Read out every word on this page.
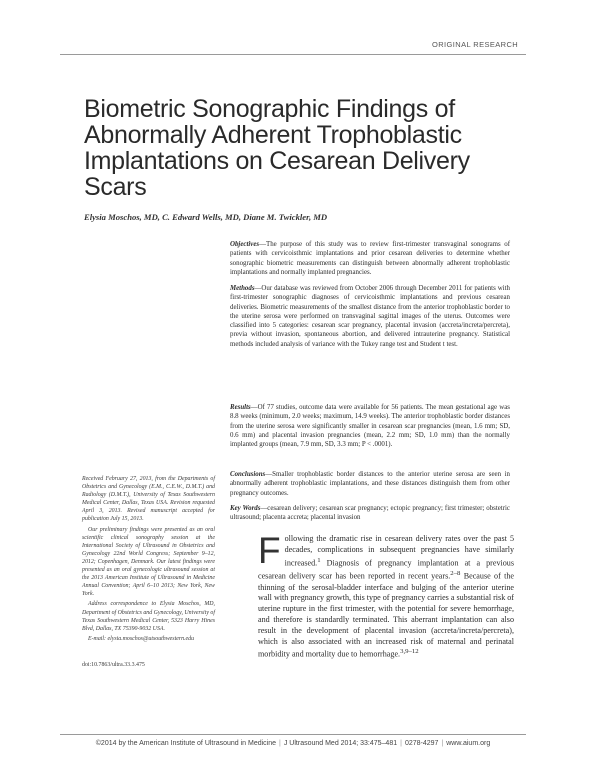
ORIGINAL RESEARCH
Biometric Sonographic Findings of Abnormally Adherent Trophoblastic Implantations on Cesarean Delivery Scars
Elysia Moschos, MD, C. Edward Wells, MD, Diane M. Twickler, MD
Objectives—The purpose of this study was to review first-trimester transvaginal sonograms of patients with cervicoisthmic implantations and prior cesarean deliveries to determine whether sonographic biometric measurements can distinguish between abnormally adherent trophoblastic implantations and normally implanted pregnancies.
Methods—Our database was reviewed from October 2006 through December 2011 for patients with first-trimester sonographic diagnoses of cervicoisthmic implantations and previous cesarean deliveries. Biometric measurements of the smallest distance from the anterior trophoblastic border to the uterine serosa were performed on transvaginal sagittal images of the uterus. Outcomes were classified into 5 categories: cesarean scar pregnancy, placental invasion (accreta/increta/percreta), previa without invasion, spontaneous abortion, and delivered intrauterine pregnancy. Statistical methods included analysis of variance with the Tukey range test and Student t test.
Results—Of 77 studies, outcome data were available for 56 patients. The mean gestational age was 8.8 weeks (minimum, 2.0 weeks; maximum, 14.9 weeks). The anterior trophoblastic border distances from the uterine serosa were significantly smaller in cesarean scar pregnancies (mean, 1.6 mm; SD, 0.6 mm) and placental invasion pregnancies (mean, 2.2 mm; SD, 1.0 mm) than the normally implanted groups (mean, 7.9 mm, SD, 3.3 mm; P < .0001).
Conclusions—Smaller trophoblastic border distances to the anterior uterine serosa are seen in abnormally adherent trophoblastic implantations, and these distances distinguish them from other pregnancy outcomes.
Key Words—cesarean delivery; cesarean scar pregnancy; ectopic pregnancy; first trimester; obstetric ultrasound; placenta accreta; placental invasion

Received February 27, 2013, from the Departments of Obstetrics and Gynecology (E.M., C.E.W., D.M.T.) and Radiology (D.M.T.), University of Texas Southwestern Medical Center, Dallas, Texas USA. Revision requested April 3, 2013. Revised manuscript accepted for publication July 15, 2013.

Our preliminary findings were presented as an oral scientific clinical sonography session at the International Society of Ultrasound in Obstetrics and Gynecology 22nd World Congress; September 9–12, 2012; Copenhagen, Denmark. Our latest findings were presented as an oral gynecologic ultrasound session at the 2013 American Institute of Ultrasound in Medicine Annual Convention; April 6–10 2013; New York, New York.

Address correspondence to Elysia Moschos, MD, Department of Obstetrics and Gynecology, University of Texas Southwestern Medical Center, 5323 Harry Hines Blvd, Dallas, TX 75390-9032 USA.

E-mail: elysia.moschos@utsouthwestern.edu

doi:10.7863/ultra.33.3.475
Following the dramatic rise in cesarean delivery rates over the past 5 decades, complications in subsequent pregnancies have similarly increased.$^1$ Diagnosis of pregnancy implantation at a previous cesarean delivery scar has been reported in recent years.$^{2-8}$ Because of the thinning of the serosal-bladder interface and bulging of the anterior uterine wall with pregnancy growth, this type of pregnancy carries a substantial risk of uterine rupture in the first trimester, with the potential for severe hemorrhage, and therefore is standardly terminated. This aberrant implantation can also result in the development of placental invasion (accreta/increta/percreta), which is also associated with an increased risk of maternal and perinatal morbidity and mortality due to hemorrhage.$^{3,9-12}$
©2014 by the American Institute of Ultrasound in Medicine | J Ultrasound Med 2014; 33:475–481 | 0278-4297 | www.aium.org
